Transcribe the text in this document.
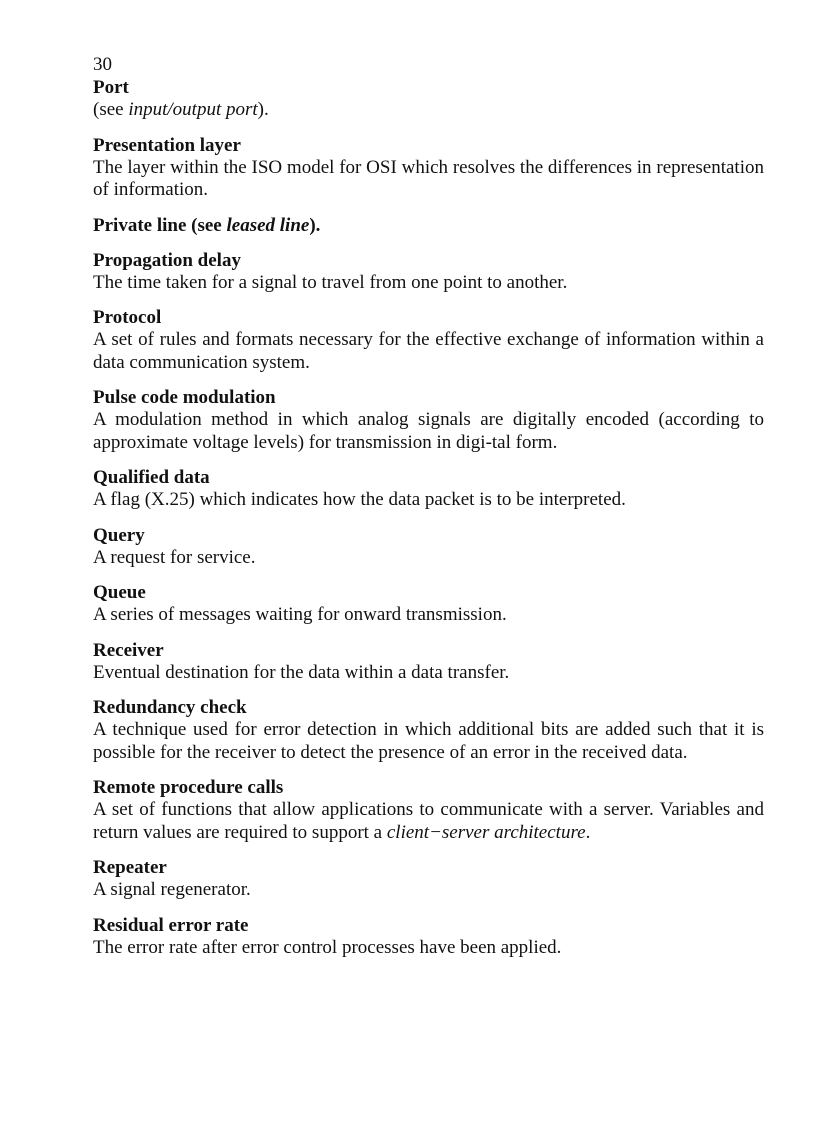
30
Port
(see input/output port).
Presentation layer
The layer within the ISO model for OSI which resolves the differences in representation of information.
Private line (see leased line).
Propagation delay
The time taken for a signal to travel from one point to another.
Protocol
A set of rules and formats necessary for the effective exchange of information within a data communication system.
Pulse code modulation
A modulation method in which analog signals are digitally encoded (according to approximate voltage levels) for transmission in digi-tal form.
Qualified data
A flag (X.25) which indicates how the data packet is to be interpreted.
Query
A request for service.
Queue
A series of messages waiting for onward transmission.
Receiver
Eventual destination for the data within a data transfer.
Redundancy check
A technique used for error detection in which additional bits are added such that it is possible for the receiver to detect the presence of an error in the received data.
Remote procedure calls
A set of functions that allow applications to communicate with a server. Variables and return values are required to support a client−server architecture.
Repeater
A signal regenerator.
Residual error rate
The error rate after error control processes have been applied.
